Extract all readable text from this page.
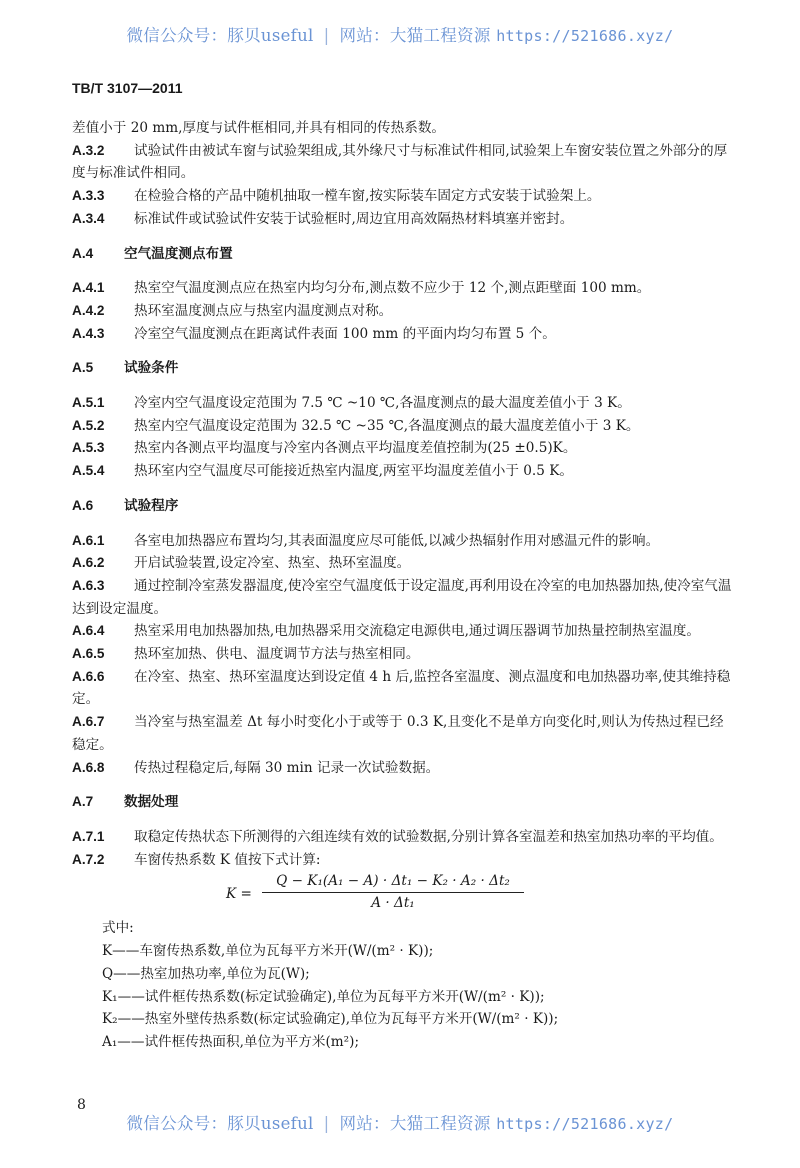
微信公众号：豚贝useful | 网站：大猫工程资源 https://521686.xyz/
TB/T 3107—2011

差值小于 20 mm,厚度与试件框相同,并具有相同的传热系数。

A.3.2 试验试件由被试车窗与试验架组成,其外缘尺寸与标准试件相同,试验架上车窗安装位置之外部分的厚度与标准试件相同。

A.3.3 在检验合格的产品中随机抽取一樘车窗,按实际装车固定方式安装于试验架上。

A.3.4 标准试件或试验试件安装于试验框时,周边宜用高效隔热材料填塞并密封。

A.4 空气温度测点布置

A.4.1 热室空气温度测点应在热室内均匀分布,测点数不应少于 12 个,测点距壁面 100 mm。

A.4.2 热环室温度测点应与热室内温度测点对称。

A.4.3 冷室空气温度测点在距离试件表面 100 mm 的平面内均匀布置 5 个。

A.5 试验条件

A.5.1 冷室内空气温度设定范围为 7.5 ℃ ~10 ℃,各温度测点的最大温度差值小于 3 K。

A.5.2 热室内空气温度设定范围为 32.5 ℃ ~35 ℃,各温度测点的最大温度差值小于 3 K。

A.5.3 热室内各测点平均温度与冷室内各测点平均温度差值控制为(25 ±0.5)K。

A.5.4 热环室内空气温度尽可能接近热室内温度,两室平均温度差值小于 0.5 K。

A.6 试验程序

A.6.1 各室电加热器应布置均匀,其表面温度应尽可能低,以减少热辐射作用对感温元件的影响。

A.6.2 开启试验装置,设定冷室、热室、热环室温度。

A.6.3 通过控制冷室蒸发器温度,使冷室空气温度低于设定温度,再利用设在冷室的电加热器加热,使冷室气温达到设定温度。

A.6.4 热室采用电加热器加热,电加热器采用交流稳定电源供电,通过调压器调节加热量控制热室温度。

A.6.5 热环室加热、供电、温度调节方法与热室相同。

A.6.6 在冷室、热室、热环室温度达到设定值 4 h 后,监控各室温度、测点温度和电加热器功率,使其维持稳定。

A.6.7 当冷室与热室温差 Δt 每小时变化小于或等于 0.3 K,且变化不是单方向变化时,则认为传热过程已经稳定。

A.6.8 传热过程稳定后,每隔 30 min 记录一次试验数据。

A.7 数据处理

A.7.1 取稳定传热状态下所测得的六组连续有效的试验数据,分别计算各室温差和热室加热功率的平均值。

A.7.2 车窗传热系数 K 值按下式计算:

$K = \frac{\text{Q − K₁(A₁ − A) · Δt₁ − K₂ · A₂ · Δt₂}}{\text{A · Δt₁}}$

式中:

K——车窗传热系数,单位为瓦每平方米开(W/(m² · K));

Q——热室加热功率,单位为瓦(W);

K₁——试件框传热系数(标定试验确定),单位为瓦每平方米开(W/(m² · K));

K₂——热室外壁传热系数(标定试验确定),单位为瓦每平方米开(W/(m² · K));

A₁——试件框传热面积,单位为平方米(m²);

8
微信公众号：豚贝useful | 网站：大猫工程资源 https://521686.xyz/
